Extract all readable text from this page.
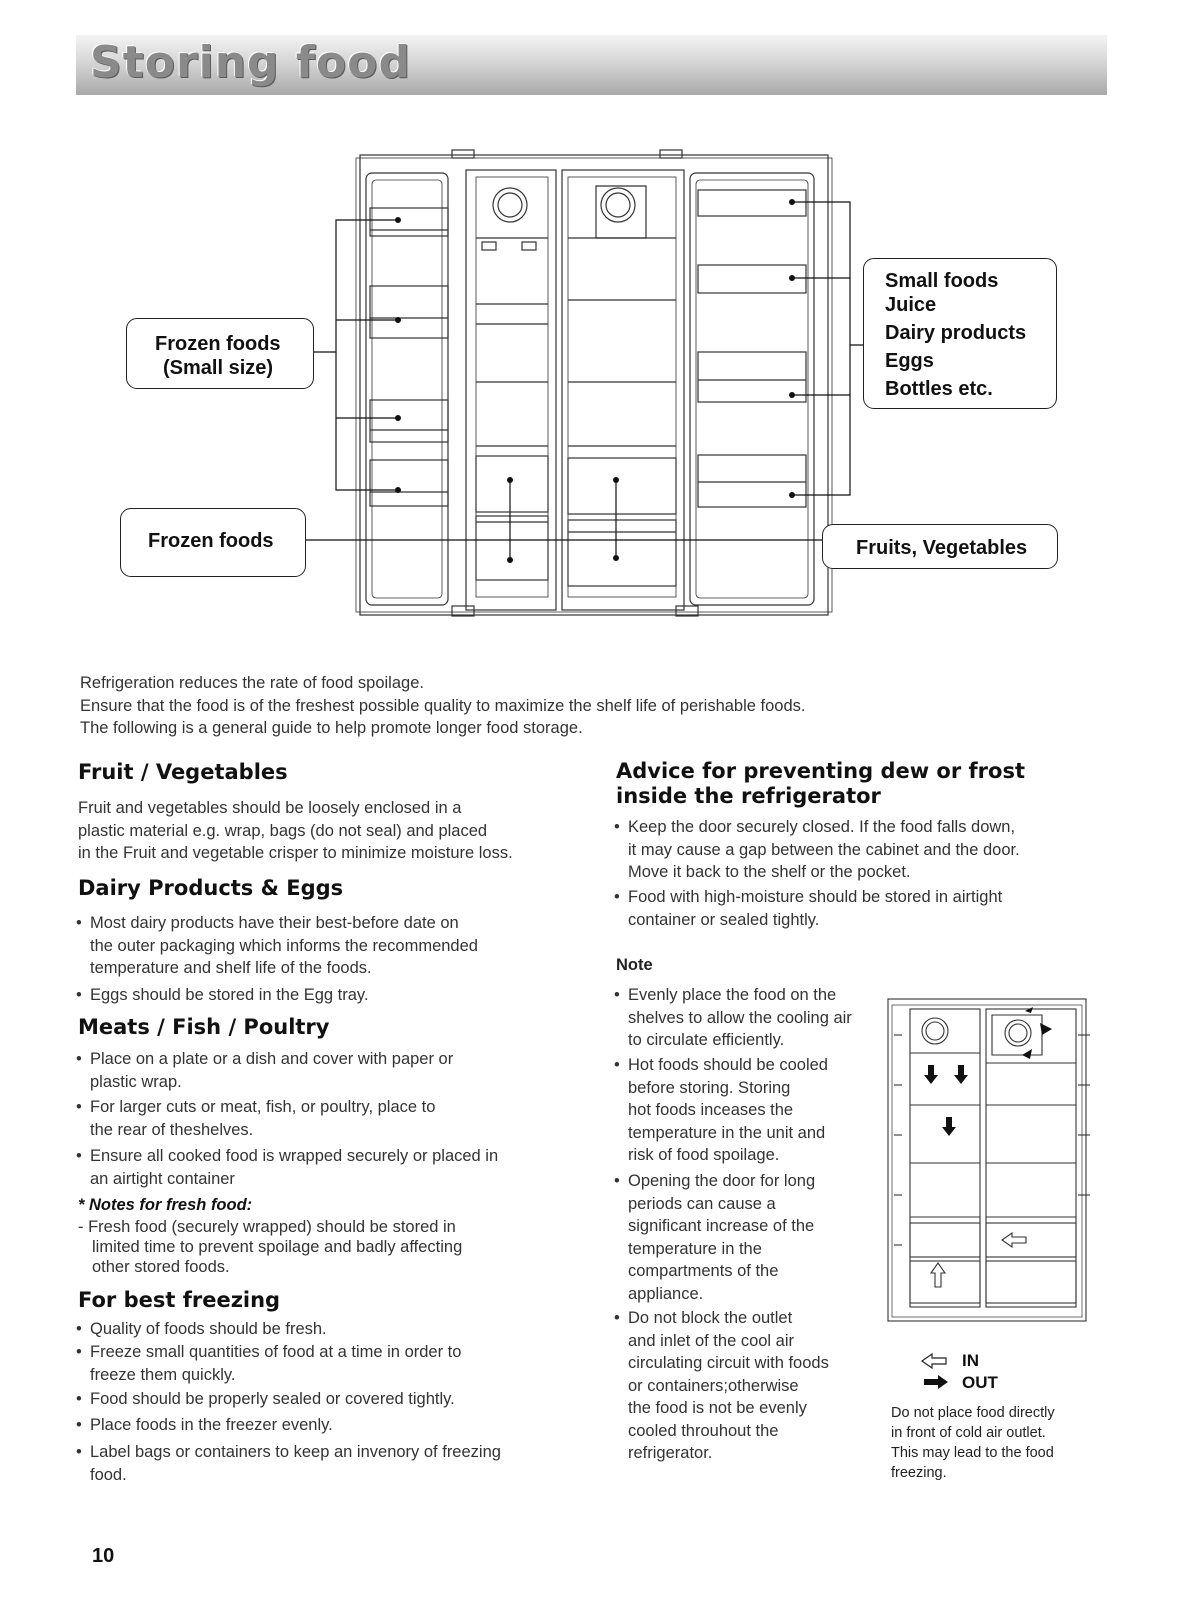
Storing food
Frozen foods
(Small size)
Frozen foods
Small foods
Juice
Dairy products
Eggs
Bottles etc.
Fruits, Vegetables
Refrigeration reduces the rate of food spoilage.
Ensure that the food is of the freshest possible quality to maximize the shelf life of perishable foods.
The following is a general guide to help promote longer food storage.
Fruit / Vegetables
Fruit and vegetables should be loosely enclosed in a
plastic material e.g. wrap, bags (do not seal) and placed
in the Fruit and vegetable crisper to minimize moisture loss.
Dairy Products & Eggs
• Most dairy products have their best-before date on
the outer packaging which informs the recommended
temperature and shelf life of the foods.
• Eggs should be stored in the Egg tray.
Meats / Fish / Poultry
• Place on a plate or a dish and cover with paper or
plastic wrap.
• For larger cuts or meat, fish, or poultry, place to
the rear of theshelves.
• Ensure all cooked food is wrapped securely or placed in
an airtight container
* Notes for fresh food:
- Fresh food (securely wrapped) should be stored in
limited time to prevent spoilage and badly affecting
other stored foods.
For best freezing
• Quality of foods should be fresh.
• Freeze small quantities of food at a time in order to
freeze them quickly.
• Food should be properly sealed or covered tightly.
• Place foods in the freezer evenly.
• Label bags or containers to keep an invenory of freezing
food.
Advice for preventing dew or frost
inside the refrigerator
• Keep the door securely closed. If the food falls down,
it may cause a gap between the cabinet and the door.
Move it back to the shelf or the pocket.
• Food with high-moisture should be stored in airtight
container or sealed tightly.
Note
• Evenly place the food on the
shelves to allow the cooling air
to circulate efficiently.
• Hot foods should be cooled
before storing. Storing
hot foods inceases the
temperature in the unit and
risk of food spoilage.
• Opening the door for long
periods can cause a
significant increase of the
temperature in the
compartments of the
appliance.
• Do not block the outlet
and inlet of the cool air
circulating circuit with foods
or containers;otherwise
the food is not be evenly
cooled throuhout the
refrigerator.
IN
OUT
Do not place food directly
in front of cold air outlet.
This may lead to the food
freezing.
10
